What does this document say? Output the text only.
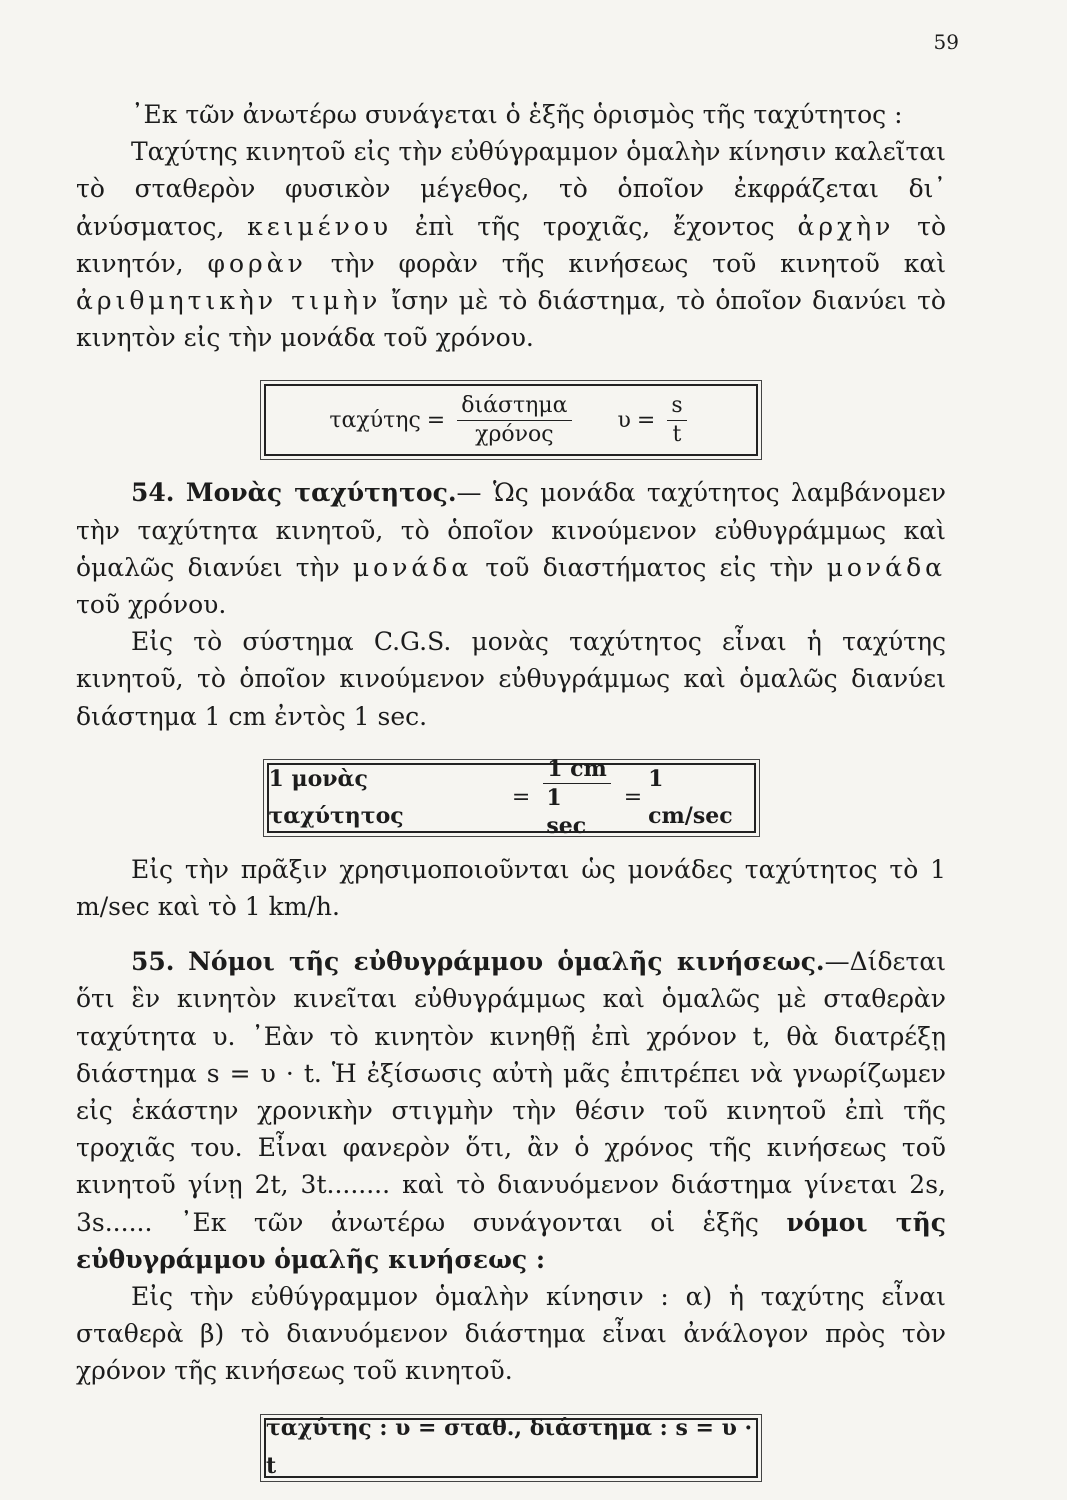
59

᾿Εκ τῶν ἀνωτέρω συνάγεται ὁ ἑξῆς ὁρισμὸς τῆς ταχύτητος :

Ταχύτης κινητοῦ εἰς τὴν εὐθύγραμμον ὁμαλὴν κίνησιν καλεῖται τὸ σταθερὸν φυσικὸν μέγεθος, τὸ ὁποῖον ἐκφράζεται δι᾿ ἀνύσματος, κειμένου ἐπὶ τῆς τροχιᾶς, ἔχοντος ἀρχὴν τὸ κινητόν, φορὰν τὴν φορὰν τῆς κινήσεως τοῦ κινητοῦ καὶ ἀριθμητικὴν τιμὴν ἴσην μὲ τὸ διάστημα, τὸ ὁποῖον διανύει τὸ κινητὸν εἰς τὴν μονάδα τοῦ χρόνου.

$\tau\alpha\chi ύ\tau\eta\varsigma = \frac{\text{διάστημα}}{\text{χρόνος}}$ $\upsilon = \frac{s}{t}$

54. Μονὰς ταχύτητος.— Ὡς μονάδα ταχύτητος λαμβάνομεν τὴν ταχύτητα κινητοῦ, τὸ ὁποῖον κινούμενον εὐθυγράμμως καὶ ὁμαλῶς διανύει τὴν μονάδα τοῦ διαστήματος εἰς τὴν μονάδα τοῦ χρόνου.

Εἰς τὸ σύστημα C.G.S. μονὰς ταχύτητος εἶναι ἡ ταχύτης κινητοῦ, τὸ ὁποῖον κινούμενον εὐθυγράμμως καὶ ὁμαλῶς διανύει διάστημα 1 cm ἐντὸς 1 sec.

1 μονὰς ταχύτητος
= $\frac{1 cm}{1 \sec}$ =
1 cm/sec

Εἰς τὴν πρᾶξιν χρησιμοποιοῦνται ὡς μονάδες ταχύτητος τὸ 1 m/sec καὶ τὸ 1 km/h.

55. Νόμοι τῆς εὐθυγράμμου ὁμαλῆς κινήσεως.—Δίδεται ὅτι ἓν κινητὸν κινεῖται εὐθυγράμμως καὶ ὁμαλῶς μὲ σταθερὰν ταχύτητα υ. ᾿Εὰν τὸ κινητὸν κινηθῇ ἐπὶ χρόνον t, θὰ διατρέξῃ διάστημα s = υ · t. Ἡ ἐξίσωσις αὐτὴ μᾶς ἐπιτρέπει νὰ γνωρίζωμεν εἰς ἑκάστην χρονικὴν στιγμὴν τὴν θέσιν τοῦ κινητοῦ ἐπὶ τῆς τροχιᾶς του. Εἶναι φανερὸν ὅτι, ἂν ὁ χρόνος τῆς κινήσεως τοῦ κινητοῦ γίνῃ 2t, 3t........ καὶ τὸ διανυόμενον διάστημα γίνεται 2s, 3s...... ᾿Εκ τῶν ἀνωτέρω συνάγονται οἱ ἑξῆς νόμοι τῆς εὐθυγράμμου ὁμαλῆς κινήσεως :

Εἰς τὴν εὐθύγραμμον ὁμαλὴν κίνησιν : α) ἡ ταχύτης εἶναι σταθερὰ β) τὸ διανυόμενον διάστημα εἶναι ἀνάλογον πρὸς τὸν χρόνον τῆς κινήσεως τοῦ κινητοῦ.

ταχύτης : υ = σταθ., διάστημα : s = υ · t
